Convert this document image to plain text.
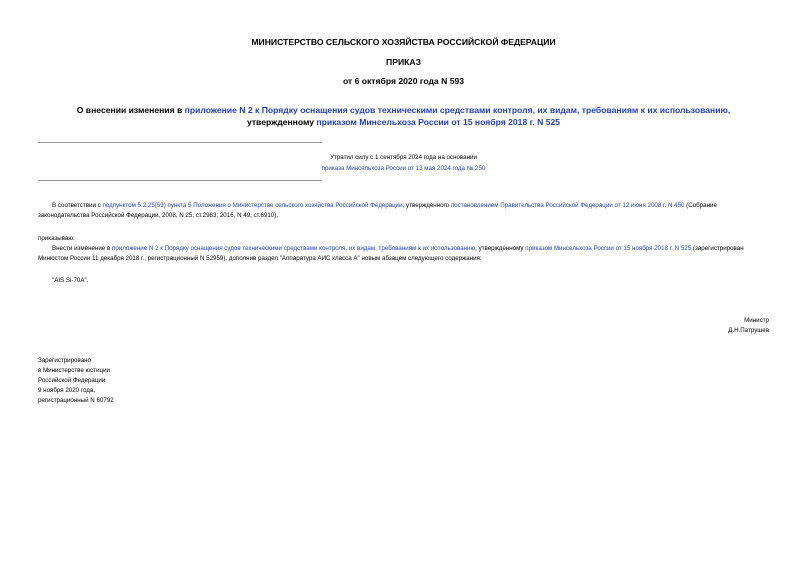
МИНИСТЕРСТВО СЕЛЬСКОГО ХОЗЯЙСТВА РОССИЙСКОЙ ФЕДЕРАЦИИ
ПРИКАЗ
от 6 октября 2020 года N 593
О внесении изменения в приложение N 2 к Порядку оснащения судов техническими средствами контроля, их видам, требованиям к их использованию,
утвержденному приказом Минсельхоза России от 15 ноября 2018 г. N 525
Утратил силу с 1 сентября 2024 года на основании
приказа Минсельхоза России от 13 мая 2024 года № 250
В соответствии с подпунктом 5.2.25(59) пункта 5 Положения о Министерстве сельского хозяйства Российской Федерации, утвержденного постановлением Правительства Российской Федерации от 12 июня 2008 г. N 450 (Собрание законодательства Российской Федерации, 2008, N 25, ст.2983; 2016, N 49, ст.6910),
приказываю:
Внести изменение в приложение N 2 к Порядку оснащения судов техническими средствами контроля, их видам, требованиям к их использованию, утвержденному приказом Минсельхоза России от 15 ноября 2018 г. N 525 (зарегистрирован Минюстом России 11 декабря 2018 г., регистрационный N 52959), дополнив раздел "Аппаратура АИС класса А" новым абзацем следующего содержания:
"AIS Si-70A".
Министр
Д.Н.Патрушев
Зарегистрировано
в Министерстве юстиции
Российской Федерации
9 ноября 2020 года,
регистрационный N 60792
